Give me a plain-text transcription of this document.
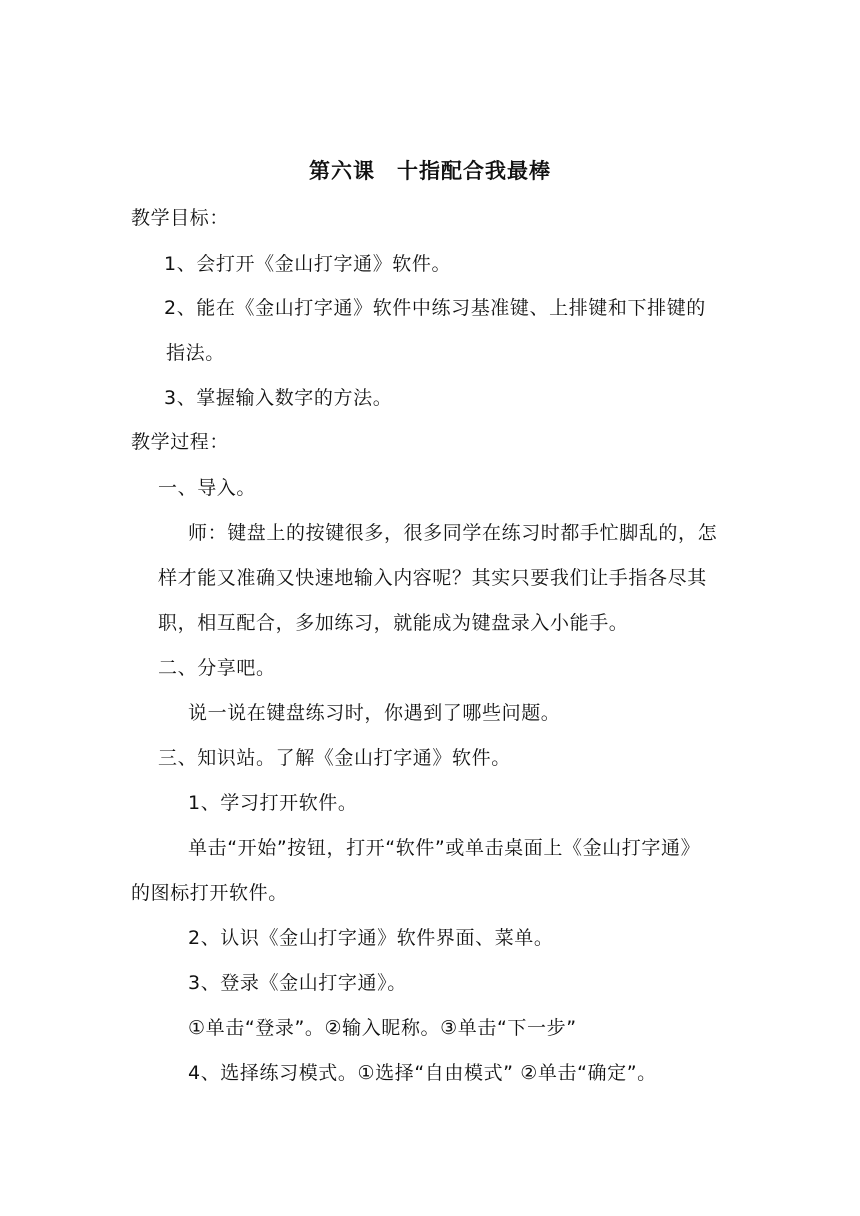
第六课　十指配合我最棒
教学目标：
1、会打开《金山打字通》软件。
2、能在《金山打字通》软件中练习基准键、上排键和下排键的
指法。
3、掌握输入数字的方法。
教学过程：
一、导入。
师：键盘上的按键很多，很多同学在练习时都手忙脚乱的，怎
样才能又准确又快速地输入内容呢？其实只要我们让手指各尽其
职，相互配合，多加练习，就能成为键盘录入小能手。
二、分享吧。
说一说在键盘练习时，你遇到了哪些问题。
三、知识站。了解《金山打字通》软件。
1、学习打开软件。
单击“开始”按钮，打开“软件”或单击桌面上《金山打字通》
的图标打开软件。
2、认识《金山打字通》软件界面、菜单。
3、登录《金山打字通》。
①单击“登录”。②输入昵称。③单击“下一步”
4、选择练习模式。①选择“自由模式” ②单击“确定”。
